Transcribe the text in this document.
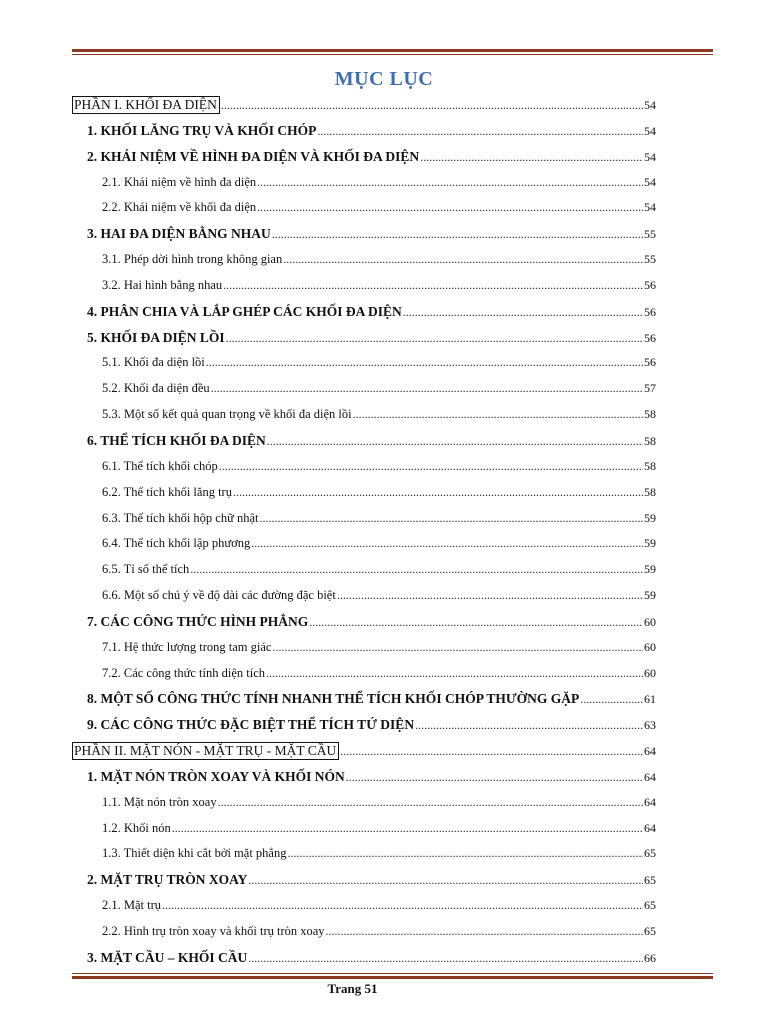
MỤC LỤC
PHẦN I. KHỐI ĐA DIỆN .....	54
1. KHỐI LĂNG TRỤ VÀ KHỐI CHÓP .....	54
2. KHÁI NIỆM VỀ HÌNH ĐA DIỆN VÀ KHỐI ĐA DIỆN .....	54
2.1. Khái niệm về hình đa diện .....	54
2.2. Khái niệm về khối đa diện .....	54
3. HAI ĐA DIỆN BẰNG NHAU .....	55
3.1. Phép dời hình trong không gian .....	55
3.2. Hai hình bằng nhau .....	56
4. PHÂN CHIA VÀ LẮP GHÉP CÁC KHỐI ĐA DIỆN .....	56
5. KHỐI ĐA DIỆN LỒI .....	56
5.1. Khối đa diện lồi .....	56
5.2. Khối đa diện đều .....	57
5.3. Một số kết quả quan trọng về khối đa diện lồi .....	58
6. THỂ TÍCH KHỐI ĐA DIỆN .....	58
6.1. Thể tích khối chóp .....	58
6.2. Thể tích khối lăng trụ .....	58
6.3. Thể tích khối hộp chữ nhật .....	59
6.4. Thể tích khối lập phương .....	59
6.5. Tỉ số thể tích .....	59
6.6. Một số chú ý về độ dài các đường đặc biệt .....	59
7. CÁC CÔNG THỨC HÌNH PHẲNG .....	60
7.1. Hệ thức lượng trong tam giác .....	60
7.2. Các công thức tính diện tích .....	60
8. MỘT SỐ CÔNG THỨC TÍNH NHANH THỂ TÍCH KHỐI CHÓP THƯỜNG GẶP .....	61
9. CÁC CÔNG THỨC ĐẶC BIỆT THỂ TÍCH TỨ DIỆN .....	63
PHẦN II. MẶT NÓN - MẶT TRỤ - MẶT CẦU .....	64
1. MẶT NÓN TRÒN XOAY VÀ KHỐI NÓN .....	64
1.1. Mặt nón tròn xoay .....	64
1.2. Khối nón .....	64
1.3. Thiết diện khi cắt bởi mặt phẳng .....	65
2. MẶT TRỤ TRÒN XOAY .....	65
2.1. Mặt trụ .....	65
2.2. Hình trụ tròn xoay và khối trụ tròn xoay .....	65
3. MẶT CẦU – KHỐI CẦU .....	66
Trang 51
